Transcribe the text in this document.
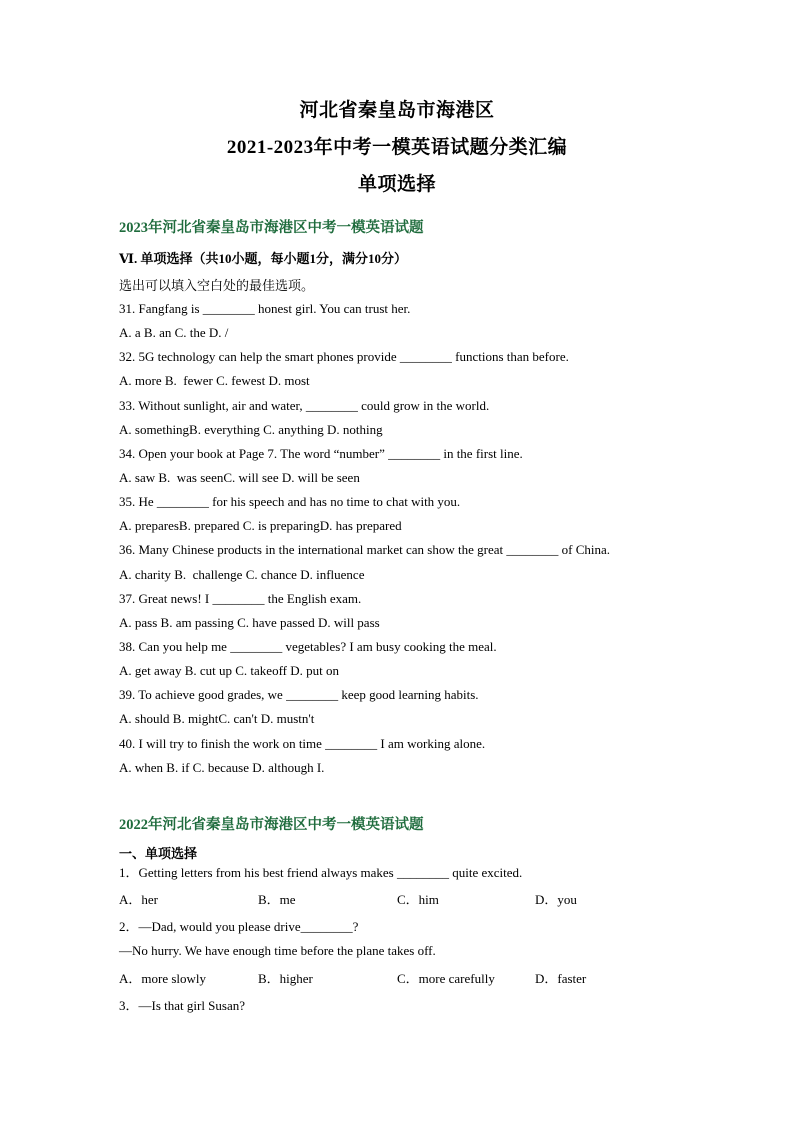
河北省秦皇岛市海港区
2021-2023年中考一模英语试题分类汇编
单项选择
2023年河北省秦皇岛市海港区中考一模英语试题
Ⅵ. 单项选择（共10小题，每小题1分，满分10分）
选出可以填入空白处的最佳选项。
31. Fangfang is ________ honest girl. You can trust her.
A. a B. an C. the D. /
32. 5G technology can help the smart phones provide ________ functions than before.
A. more B.  fewer C. fewest D. most
33. Without sunlight, air and water, ________ could grow in the world.
A. somethingB. everything C. anything D. nothing
34. Open your book at Page 7. The word “number” ________ in the first line.
A. saw B.  was seenC. will see D. will be seen
35. He ________ for his speech and has no time to chat with you.
A. preparesB. prepared C. is preparingD. has prepared
36. Many Chinese products in the international market can show the great ________ of China.
A. charity B.  challenge C. chance D. influence
37. Great news! I ________ the English exam.
A. pass B. am passing C. have passed D. will pass
38. Can you help me ________ vegetables? I am busy cooking the meal.
A. get away B. cut up C. takeoff D. put on
39. To achieve good grades, we ________ keep good learning habits.
A. should B. mightC. can't D. mustn't
40. I will try to finish the work on time ________ I am working alone.
A. when B. if C. because D. although I.
2022年河北省秦皇岛市海港区中考一模英语试题
一、单项选择
1．Getting letters from his best friend always makes ________ quite excited.
A．her	B．me	C．him	D．you
2．—Dad, would you please drive________?
—No hurry. We have enough time before the plane takes off.
A．more slowly	B．higher	C．more carefully	D．faster
3．—Is that girl Susan?
